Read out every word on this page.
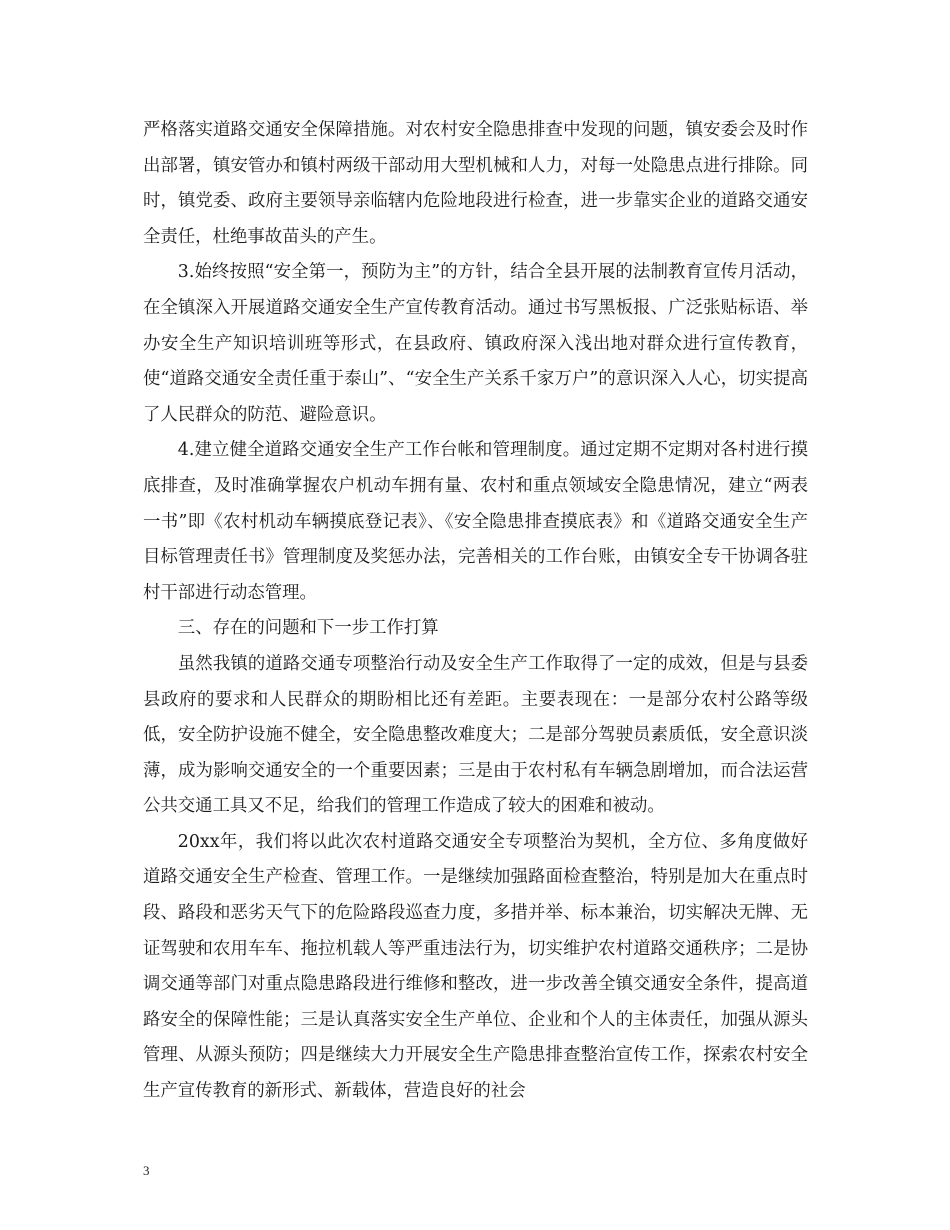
严格落实道路交通安全保障措施。对农村安全隐患排查中发现的问题，镇安委会及时作出部署，镇安管办和镇村两级干部动用大型机械和人力，对每一处隐患点进行排除。同时，镇党委、政府主要领导亲临辖内危险地段进行检查，进一步靠实企业的道路交通安全责任，杜绝事故苗头的产生。

3.始终按照“安全第一，预防为主”的方针，结合全县开展的法制教育宣传月活动，在全镇深入开展道路交通安全生产宣传教育活动。通过书写黑板报、广泛张贴标语、举办安全生产知识培训班等形式，在县政府、镇政府深入浅出地对群众进行宣传教育，使“道路交通安全责任重于泰山”、“安全生产关系千家万户”的意识深入人心，切实提高了人民群众的防范、避险意识。

4.建立健全道路交通安全生产工作台帐和管理制度。通过定期不定期对各村进行摸底排查，及时准确掌握农户机动车拥有量、农村和重点领域安全隐患情况，建立“两表一书”即《农村机动车辆摸底登记表》、《安全隐患排查摸底表》和《道路交通安全生产目标管理责任书》管理制度及奖惩办法，完善相关的工作台账，由镇安全专干协调各驻村干部进行动态管理。

三、存在的问题和下一步工作打算

虽然我镇的道路交通专项整治行动及安全生产工作取得了一定的成效，但是与县委县政府的要求和人民群众的期盼相比还有差距。主要表现在：一是部分农村公路等级低，安全防护设施不健全，安全隐患整改难度大；二是部分驾驶员素质低，安全意识淡薄，成为影响交通安全的一个重要因素；三是由于农村私有车辆急剧增加，而合法运营公共交通工具又不足，给我们的管理工作造成了较大的困难和被动。

20xx年，我们将以此次农村道路交通安全专项整治为契机，全方位、多角度做好道路交通安全生产检查、管理工作。一是继续加强路面检查整治，特别是加大在重点时段、路段和恶劣天气下的危险路段巡查力度，多措并举、标本兼治，切实解决无牌、无证驾驶和农用车车、拖拉机载人等严重违法行为，切实维护农村道路交通秩序；二是协调交通等部门对重点隐患路段进行维修和整改，进一步改善全镇交通安全条件，提高道路安全的保障性能；三是认真落实安全生产单位、企业和个人的主体责任，加强从源头管理、从源头预防；四是继续大力开展安全生产隐患排查整治宣传工作，探索农村安全生产宣传教育的新形式、新载体，营造良好的社会

3
